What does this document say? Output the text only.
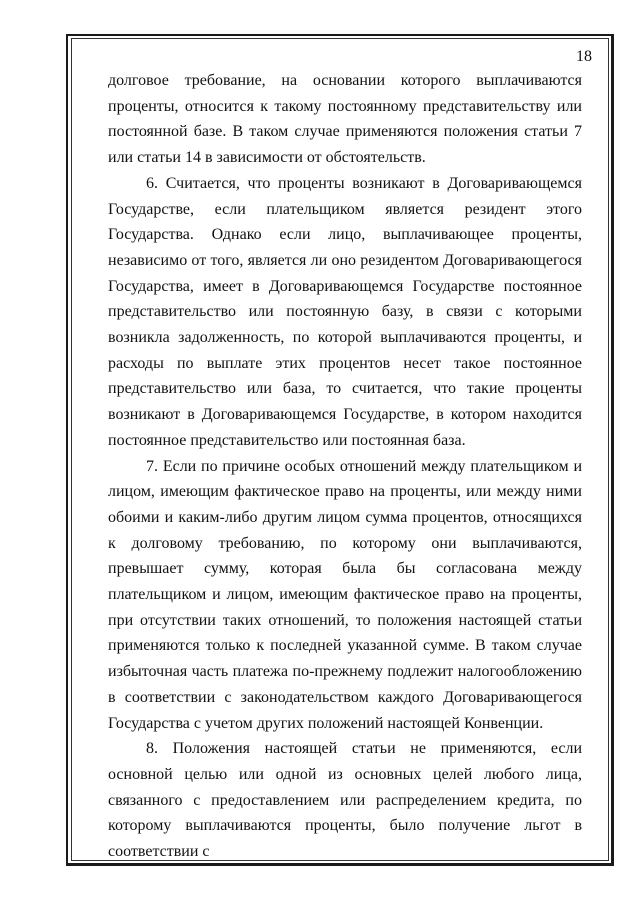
18

долговое требование, на основании которого выплачиваются проценты, относится к такому постоянному представительству или постоянной базе. В таком случае применяются положения статьи 7 или статьи 14 в зависимости от обстоятельств.

6. Считается, что проценты возникают в Договаривающемся Государстве, если плательщиком является резидент этого Государства. Однако если лицо, выплачивающее проценты, независимо от того, является ли оно резидентом Договаривающегося Государства, имеет в Договаривающемся Государстве постоянное представительство или постоянную базу, в связи с которыми возникла задолженность, по которой выплачиваются проценты, и расходы по выплате этих процентов несет такое постоянное представительство или база, то считается, что такие проценты возникают в Договаривающемся Государстве, в котором находится постоянное представительство или постоянная база.

7. Если по причине особых отношений между плательщиком и лицом, имеющим фактическое право на проценты, или между ними обоими и каким-либо другим лицом сумма процентов, относящихся к долговому требованию, по которому они выплачиваются, превышает сумму, которая была бы согласована между плательщиком и лицом, имеющим фактическое право на проценты, при отсутствии таких отношений, то положения настоящей статьи применяются только к последней указанной сумме. В таком случае избыточная часть платежа по-прежнему подлежит налогообложению в соответствии с законодательством каждого Договаривающегося Государства с учетом других положений настоящей Конвенции.

8. Положения настоящей статьи не применяются, если основной целью или одной из основных целей любого лица, связанного с предоставлением или распределением кредита, по которому выплачиваются проценты, было получение льгот в соответствии с
